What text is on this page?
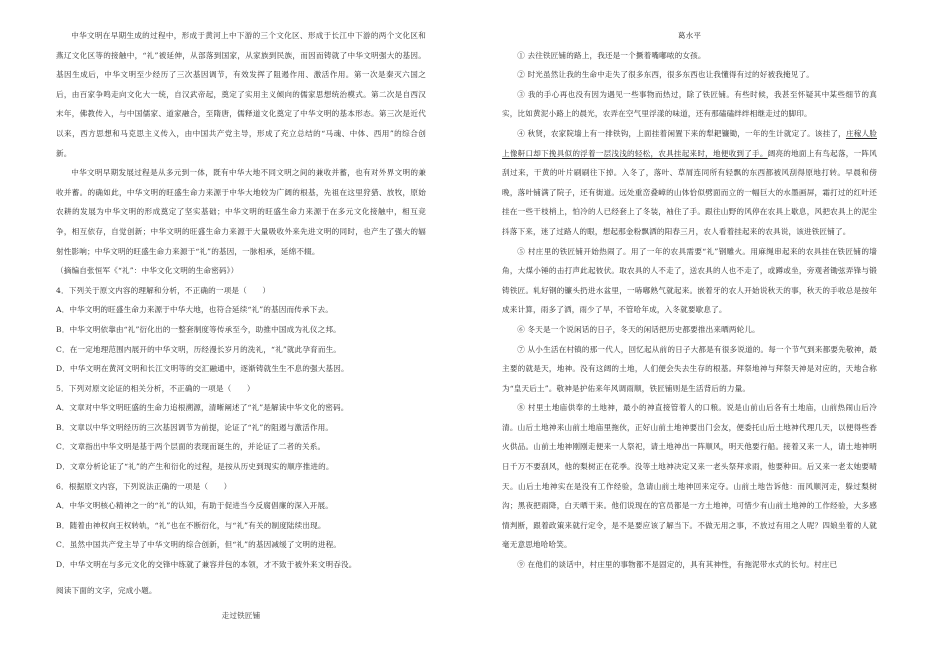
中华文明在早期生成的过程中，形成于黄河上中下游的三个文化区、形成于长江中下游的两个文化区和燕辽文化区等的接触中，“礼”被延伸，从部落到国家，从家族到民族，而因而铸就了中华文明强大的基因。基因生成后，中华文明至少经历了三次基因调节，有效发挥了阻遏作用、激活作用。第一次是秦灭六国之后，由百家争鸣走向文化大一统，自汉武帝起，奠定了实用主义倾向的儒家思想统治模式。第二次是自西汉末年，佛教传入，与中国儒家、道家融合，至隋唐，儒释道文化奠定了中华文明的基本形态。第三次是近代以来，西方思想和马克思主义传入，由中国共产党主导，形成了充立总结的“马魂、中体、西用”的综合创新。

中华文明早期发展过程是从多元到一体，既有中华大地不同文明之间的兼收并蓄，也有对外界文明的兼收并蓄。的确如此，中华文明的旺盛生命力来源于中华大地较为广阔的根基，先祖在这里狩猎、放牧，原始农耕的发展为中华文明的形成奠定了坚实基础；中华文明的旺盛生命力来源于在多元文化接触中，相互竞争，相互依存，自觉创新；中华文明的旺盛生命力来源于大量吸收外来先进文明的同时，也产生了强大的辐射性影响；中华文明的旺盛生命力来源于“礼”的基因，一脉相承，延绵不辍。

（摘编自张恒军《“礼”：中华文化文明的生命密码》）

4．下列关于原文内容的理解和分析，不正确的一项是（　　）

A．中华文明的旺盛生命力来源于中华大地，也符合延续“礼”的基因而传承下去。

B．中华文明依靠由“礼”衍化出的一整套制度等传承至今，助推中国成为礼仪之邦。

C．在一定地理范围内展开的中华文明，历经漫长岁月的洗礼，“礼”就此孕育而生。

D．中华文明在黄河文明和长江文明等的交汇融通中，逐渐铸就生生不息的强大基因。

5．下列对原文论证的相关分析，不正确的一项是（　　）

A．文章对中华文明旺盛的生命力追根溯源，清晰阐述了“礼”是解读中华文化的密码。

B．文章以中华文明经历的三次基因调节为前提，论证了“礼”的阻遏与激活作用。

C．文章指出中华文明是基于两个层面的表现而诞生的，并论证了二者的关系。

D．文章分析论证了“礼”的产生和衍化的过程，是按从历史到现实的顺序推进的。

6．根据原文内容，下列说法正确的一项是（　　）

A．中华文明核心精神之一的“礼”的认知，有助于促进当今反腐倡廉的深入开展。

B．随着由神权向王权转轨，“礼”也在不断衍化，与“礼”有关的制度陆续出现。

C．虽然中国共产党主导了中华文明的综合创新，但“礼”的基因减缓了文明的进程。

D．中华文明在与多元文化的交锋中练就了兼容并包的本领，才不致于被外来文明吞没。

阅读下面的文字，完成小题。

走过铁匠铺

葛水平

① 去往铁匠铺的路上，我还是一个撅着嘴嘟哝的女孩。

② 时光虽然让我的生命中走失了很多东西，很多东西也让我懂得有过的好被我掩见了。

③ 我的手心再也没有因为遇见一些事物而热过，除了铁匠铺。有些时候，我甚至怀疑其中某些细节的真实，比如黄泥小路上的晨光，农弄在空气里浮漾的味道，还有那磕磕绊绊相继走过的脚印。

④ 秋贤，农家院墙上有一排铁钩，上面挂着闲置下来的犁耙镰锄，一年的生计就定了。该挂了，庄稼人脸上像鼾口却下挽具似的浮着一层浅浅的轻松，农具挂起来时，地便收到了手。阔亮的地面上有鸟起落，一阵风刮过来，干黄的叶片刷刷往下掉。入冬了，落叶、草屑连同所有轻飘的东西都被风刮得原地打转。早晨和傍晚，落叶铺满了院子，还有街道。远处重峦叠嶂的山体恰似劈面而立的一幅巨大的水墨画屏，霜打过的红叶还挂在一些干枝梢上，怕冷的人已经套上了冬装，袖住了手。跟往山野的风停在农具上歇息，风把农具上的泥尘抖落下来，迷了过路人的眼，想起那金粉飘洒的阳春三月，农人看着挂起来的农具说，该进铁匠铺了。

⑤ 村庄里的铁匠铺开始热闹了。用了一年的农具需要“礼”钢雕火。用麻绳串起来的农具挂在铁匠铺的墙角，大煤小锤的击打声此起彼伏。取农具的人不走了，送农具的人也不走了，或蹲或坐，旁观者锄弦弄锋与锻铸铁匠。轧好钢的镰头扔进水盆里，一哧嘟熟气就起来。嵌着牙的农人开始说秋天的事，秋天的手收总是按年成来计算，雨多了洒，雨少了旱，不管哈年成，入冬就要歇息了。

⑥ 冬天是一个说闲话的日子，冬天的闲话把历史都要推出来晒两轮儿。

⑦ 从小生活在村镇的那一代人，回忆起从前的日子大都是有很多说道的。每一个节气到来都要先敬神，最主要的就是天，地神。没有这阔的土地，人们便会失去生存的根基。拜祭地神与拜祭天神是对应的，天地合称为“皇天后土”。敬神是护佑来年风调雨顺，铁匠铺则是生活背后的力量。

⑧ 村里土地庙供奉的土地神，最小的神直接管着人的口粮。说是山前山后各有土地庙，山前热闹山后冷清。山后土地神来山前土地庙里拖伙，正好山前土地神要出门会友，便委托山后土地神代理几天，以便得些香火供品。山前土地神刚刚走便来一人祭祀，请土地神出一阵顺风，明天他要行船。接着又来一人，请土地神明日千万不要刮风，他的梨树正在花季。没等土地神决定又来一老头祭拜求雨，他要种田。后又来一老太她要晴天。山后土地神实在是没有工作经验，急请山前土地神回来定夺。山前土地告诉他：而风顺河走，躲过梨树沟；黑夜把雨降，白天晒干来。他们说现在的官员都是一方土地神，可惜少有山前土地神的工作经验，大多感情判断，跟着政策来就行定令，是不是要应该了解当下。不做无用之事，不放过有用之人呢？四娘坐着的人就毫无意思地哈哈笑。

⑨ 在他们的谈话中，村庄里的事物都不是固定的，具有其神性，有拖泥带水式的长句。村庄已
